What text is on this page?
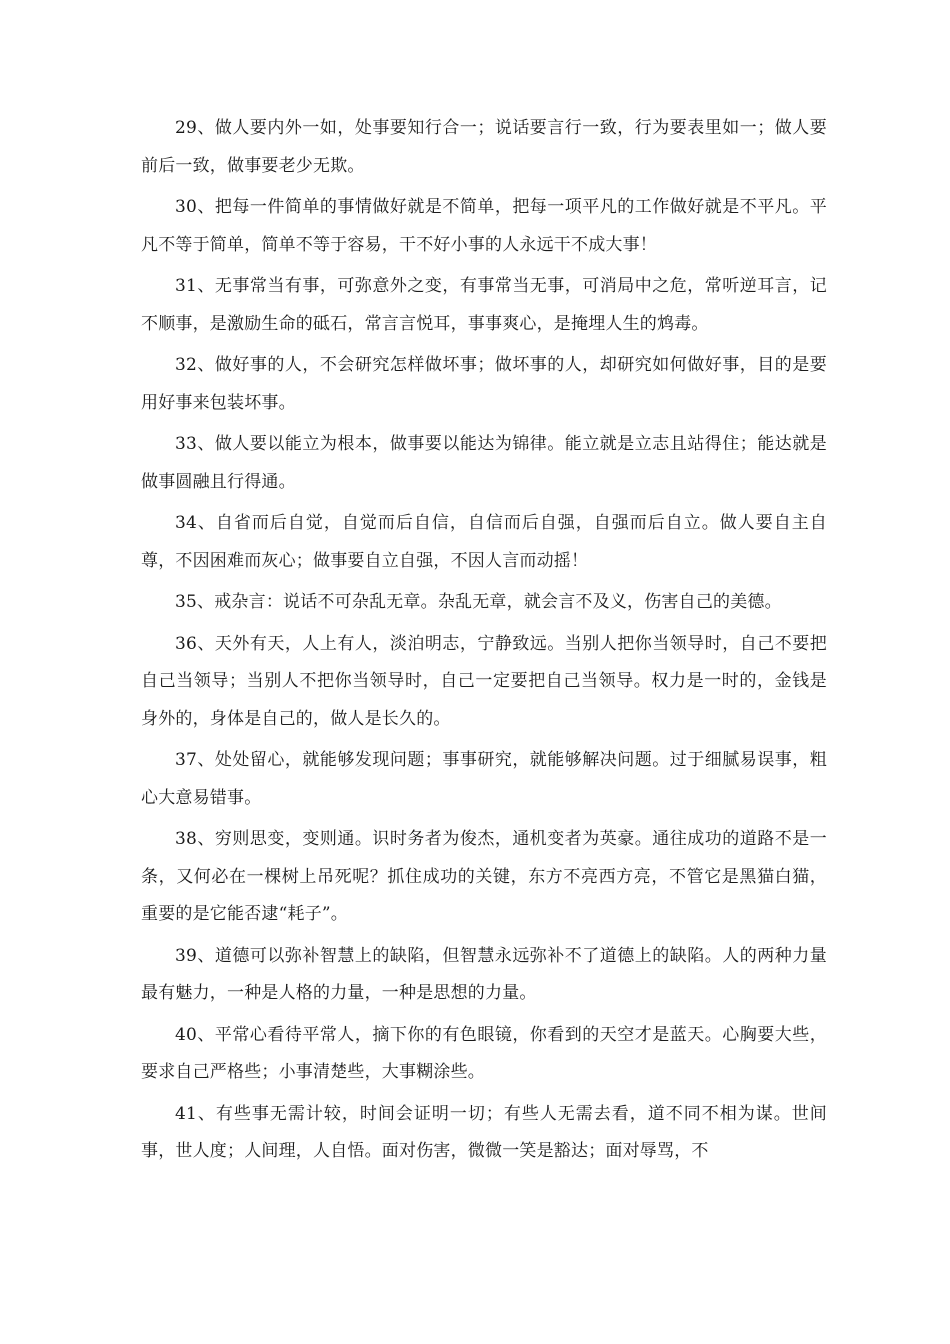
29、做人要内外一如，处事要知行合一；说话要言行一致，行为要表里如一；做人要前后一致，做事要老少无欺。

30、把每一件简单的事情做好就是不简单，把每一项平凡的工作做好就是不平凡。平凡不等于简单，简单不等于容易，干不好小事的人永远干不成大事！

31、无事常当有事，可弥意外之变，有事常当无事，可消局中之危，常听逆耳言，记不顺事，是激励生命的砥石，常言言悦耳，事事爽心，是掩埋人生的鸩毒。

32、做好事的人，不会研究怎样做坏事；做坏事的人，却研究如何做好事，目的是要用好事来包装坏事。

33、做人要以能立为根本，做事要以能达为锦律。能立就是立志且站得住；能达就是做事圆融且行得通。

34、自省而后自觉，自觉而后自信，自信而后自强，自强而后自立。做人要自主自尊，不因困难而灰心；做事要自立自强，不因人言而动摇！

35、戒杂言：说话不可杂乱无章。杂乱无章，就会言不及义，伤害自己的美德。

36、天外有天，人上有人，淡泊明志，宁静致远。当别人把你当领导时，自己不要把自己当领导；当别人不把你当领导时，自己一定要把自己当领导。权力是一时的，金钱是身外的，身体是自己的，做人是长久的。

37、处处留心，就能够发现问题；事事研究，就能够解决问题。过于细腻易误事，粗心大意易错事。

38、穷则思变，变则通。识时务者为俊杰，通机变者为英豪。通往成功的道路不是一条，又何必在一棵树上吊死呢？抓住成功的关键，东方不亮西方亮，不管它是黑猫白猫，重要的是它能否逮“耗子”。

39、道德可以弥补智慧上的缺陷，但智慧永远弥补不了道德上的缺陷。人的两种力量最有魅力，一种是人格的力量，一种是思想的力量。

40、平常心看待平常人，摘下你的有色眼镜，你看到的天空才是蓝天。心胸要大些，要求自己严格些；小事清楚些，大事糊涂些。

41、有些事无需计较，时间会证明一切；有些人无需去看，道不同不相为谋。世间事，世人度；人间理，人自悟。面对伤害，微微一笑是豁达；面对辱骂，不
